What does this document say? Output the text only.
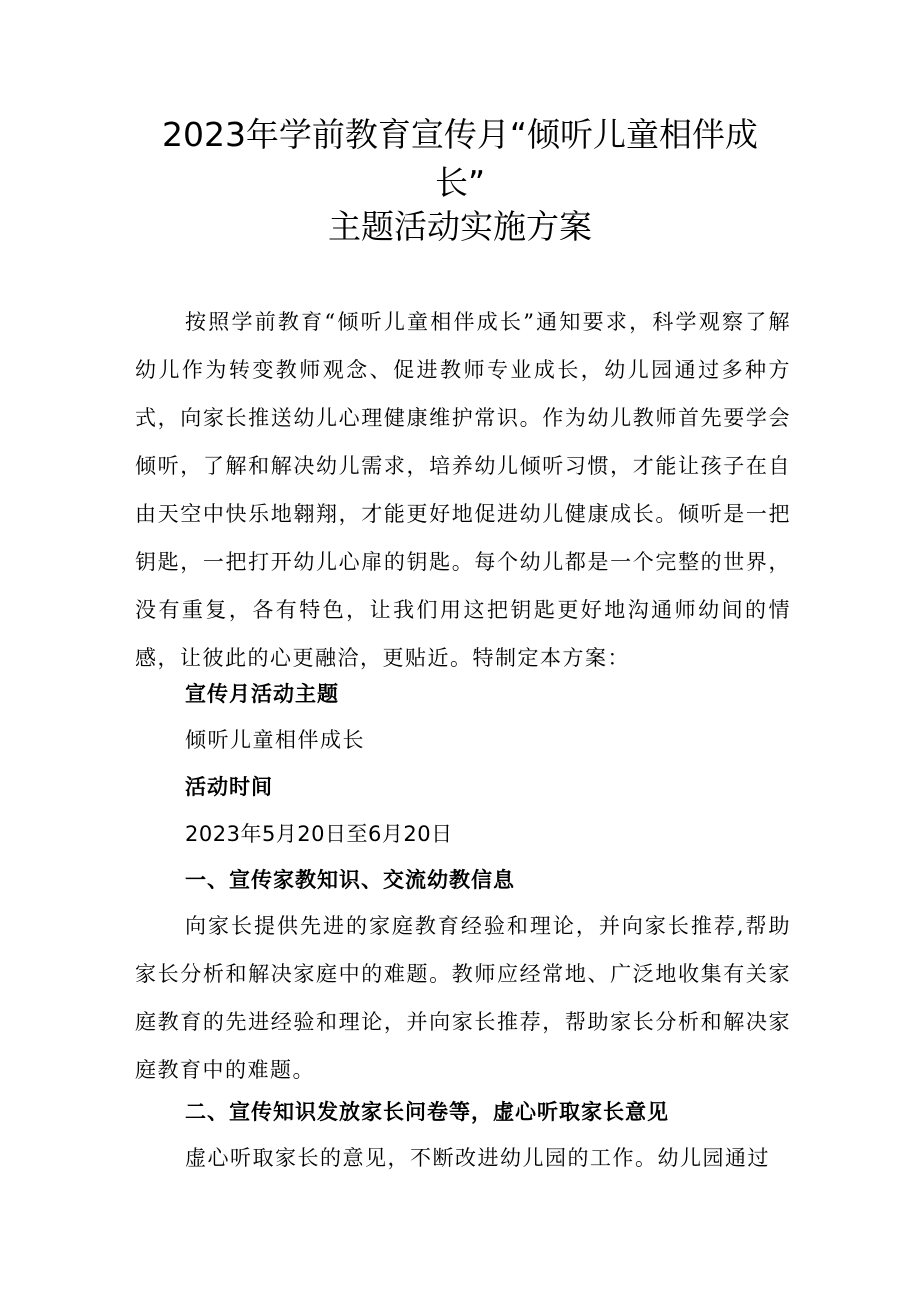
2023年学前教育宣传月“倾听儿童相伴成
长”
主题活动实施方案
按照学前教育“倾听儿童相伴成长”通知要求，科学观察了解幼儿作为转变教师观念、促进教师专业成长，幼儿园通过多种方式，向家长推送幼儿心理健康维护常识。作为幼儿教师首先要学会倾听，了解和解决幼儿需求，培养幼儿倾听习惯，才能让孩子在自由天空中快乐地翱翔，才能更好地促进幼儿健康成长。倾听是一把钥匙，一把打开幼儿心扉的钥匙。每个幼儿都是一个完整的世界，没有重复，各有特色，让我们用这把钥匙更好地沟通师幼间的情感，让彼此的心更融洽，更贴近。特制定本方案：
宣传月活动主题
倾听儿童相伴成长
活动时间
2023年5月20日至6月20日
一、宣传家教知识、交流幼教信息
向家长提供先进的家庭教育经验和理论，并向家长推荐,帮助家长分析和解决家庭中的难题。教师应经常地、广泛地收集有关家庭教育的先进经验和理论，并向家长推荐，帮助家长分析和解决家庭教育中的难题。
二、宣传知识发放家长问卷等，虚心听取家长意见
虚心听取家长的意见，不断改进幼儿园的工作。幼儿园通过
